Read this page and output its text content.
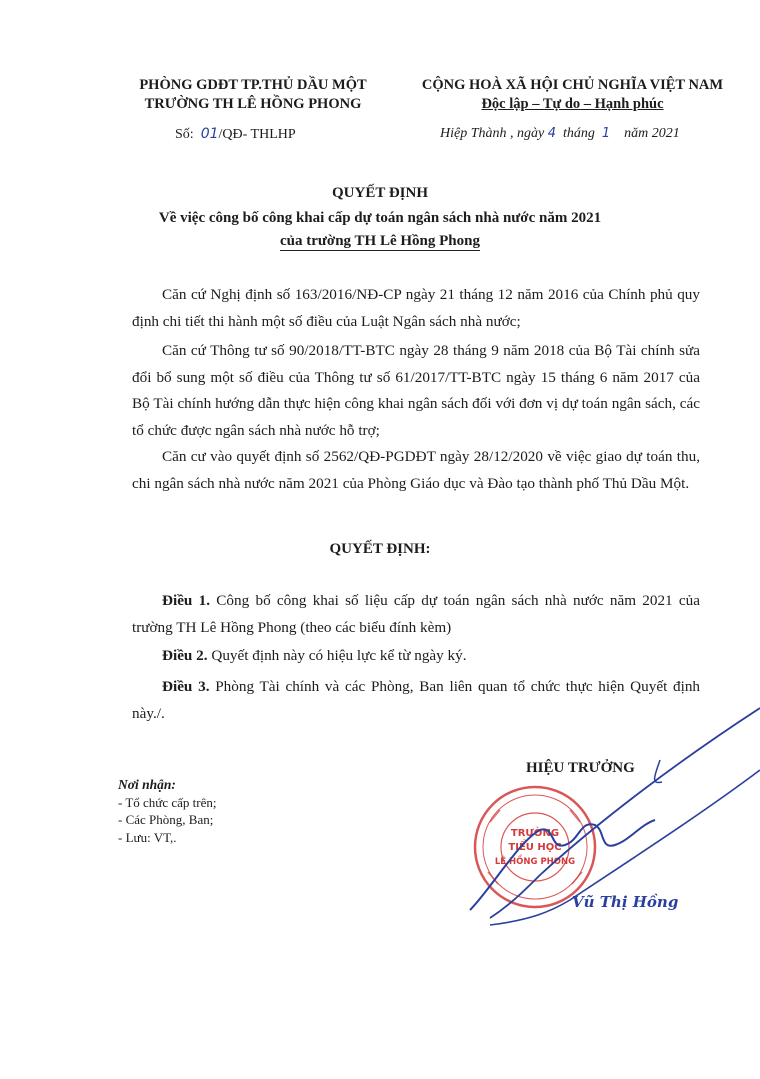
PHÒNG GDĐT TP.THỦ DẦU MỘT
TRƯỜNG TH LÊ HỒNG PHONG
CỘNG HOÀ XÃ HỘI CHỦ NGHĨA VIỆT NAM
Độc lập – Tự do – Hạnh phúc
Số: 01/QĐ- THLHP	Hiệp Thành , ngày 4 tháng 1 năm 2021
QUYẾT ĐỊNH
Về việc công bố công khai cấp dự toán ngân sách nhà nước năm 2021
của trường TH Lê Hồng Phong
Căn cứ Nghị định số 163/2016/NĐ-CP ngày 21 tháng 12 năm 2016 của Chính phủ quy định chi tiết thi hành một số điều của Luật Ngân sách nhà nước;
Căn cứ Thông tư số 90/2018/TT-BTC ngày 28 tháng 9 năm 2018 của Bộ Tài chính sửa đổi bổ sung một số điều của Thông tư số 61/2017/TT-BTC ngày 15 tháng 6 năm 2017 của Bộ Tài chính hướng dẫn thực hiện công khai ngân sách đối với đơn vị dự toán ngân sách, các tổ chức được ngân sách nhà nước hỗ trợ;
Căn cư vào quyết định số 2562/QĐ-PGDĐT ngày 28/12/2020 về việc giao dự toán thu, chi ngân sách nhà nước năm 2021 của Phòng Giáo dục và Đào tạo thành phố Thủ Dầu Một.
QUYẾT ĐỊNH:
Điều 1. Công bố công khai số liệu cấp dự toán ngân sách nhà nước năm 2021 của trường TH Lê Hồng Phong (theo các biểu đính kèm)
Điều 2. Quyết định này có hiệu lực kể từ ngày ký.
Điều 3. Phòng Tài chính và các Phòng, Ban liên quan tổ chức thực hiện Quyết định này./.
Nơi nhận:
- Tổ chức cấp trên;
- Các Phòng, Ban;
- Lưu: VT,.
HIỆU TRƯỞNG
TRƯỜNG
TIỂU HỌC
LÊ HỒNG PHONG
Vũ Thị Hồng
